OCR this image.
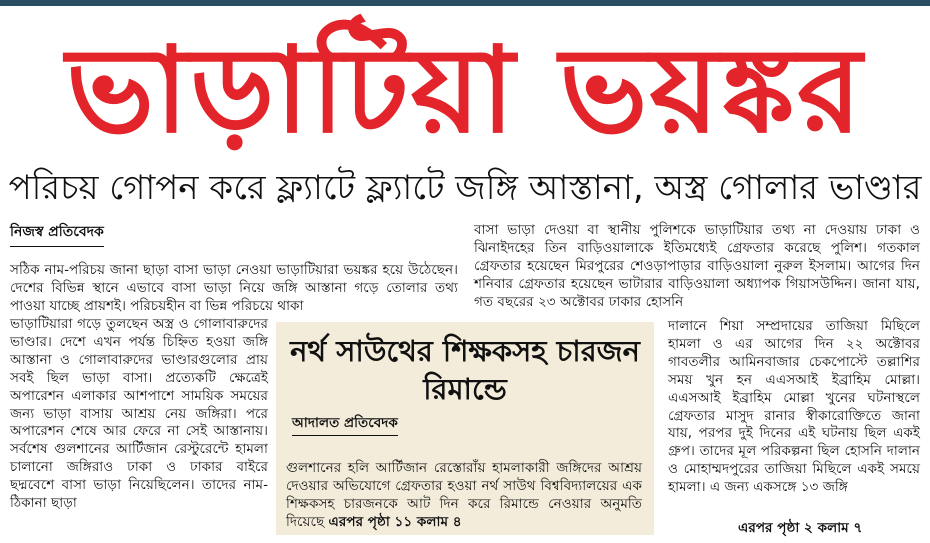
ভাড়াটিয়া ভয়ঙ্কর
পরিচয় গোপন করে ফ্ল্যাটে ফ্ল্যাটে জঙ্গি আস্তানা, অস্ত্র গোলার ভাণ্ডার
নিজস্ব প্রতিবেদক

সঠিক নাম-পরিচয় জানা ছাড়া বাসা ভাড়া নেওয়া ভাড়াটিয়ারা ভয়ঙ্কর হয়ে উঠেছেন। দেশের বিভিন্ন স্থানে এভাবে বাসা ভাড়া নিয়ে জঙ্গি আস্তানা গড়ে তোলার তথ্য পাওয়া যাচ্ছে প্রায়শই। পরিচয়হীন বা ভিন্ন পরিচয়ে থাকা

ভাড়াটিয়ারা গড়ে তুলছেন অস্ত্র ও গোলাবারুদের ভাণ্ডার। দেশে এখন পর্যন্ত চিহ্নিত হওয়া জঙ্গি আস্তানা ও গোলাবারুদের ভাণ্ডারগুলোর প্রায় সবই ছিল ভাড়া বাসা। প্রত্যেকটি ক্ষেত্রেই অপারেশন এলাকার আশপাশে সাময়িক সময়ের জন্য ভাড়া বাসায় আশ্রয় নেয় জঙ্গিরা। পরে অপারেশন শেষে আর ফেরে না সেই আস্তানায়। সর্বশেষ গুলশানের আর্টিজান রেস্টুরেন্টে হামলা চালানো জঙ্গিরাও ঢাকা ও ঢাকার বাইরে ছদ্মবেশে বাসা ভাড়া নিয়েছিলেন। তাদের নাম-ঠিকানা ছাড়া

বাসা ভাড়া দেওয়া বা স্থানীয় পুলিশকে ভাড়াটিয়ার তথ্য না দেওয়ায় ঢাকা ও ঝিনাইদহের তিন বাড়িওয়ালাকে ইতিমধ্যেই গ্রেফতার করেছে পুলিশ। গতকাল গ্রেফতার হয়েছেন মিরপুরের শেওড়াপাড়ার বাড়িওয়ালা নুরুল ইসলাম। আগের দিন শনিবার গ্রেফতার হয়েছেন ভাটারার বাড়িওয়ালা অধ্যাপক গিয়াসউদ্দিন। জানা যায়, গত বছরের ২৩ অক্টোবর ঢাকার হোসনি

দালানে শিয়া সম্প্রদায়ের তাজিয়া মিছিলে হামলা ও এর আগের দিন ২২ অক্টোবর গাবতলীর আমিনবাজার চেকপোস্টে তল্লাশির সময় খুন হন এএসআই ইব্রাহিম মোল্লা। এএসআই ইব্রাহিম মোল্লা খুনের ঘটনাস্থলে গ্রেফতার মাসুদ রানার স্বীকারোক্তিতে জানা যায়, পরপর দুই দিনের এই ঘটনায় ছিল একই গ্রুপ। তাদের মূল পরিকল্পনা ছিল হোসনি দালান ও মোহাম্মদপুরের তাজিয়া মিছিলে একই সময়ে হামলা। এ জন্য একসঙ্গে ১৩ জঙ্গি

এরপর পৃষ্ঠা ২ কলাম ৭
নর্থ সাউথের শিক্ষকসহ চারজন রিমান্ডে
আদালত প্রতিবেদক
গুলশানের হলি আর্টিজান রেস্তোরাঁয় হামলাকারী জঙ্গিদের আশ্রয় দেওয়ার অভিযোগে গ্রেফতার হওয়া নর্থ সাউথ বিশ্ববিদ্যালয়ের এক শিক্ষকসহ চারজনকে আট দিন করে রিমান্ডে নেওয়ার অনুমতি দিয়েছে এরপর পৃষ্ঠা ১১ কলাম ৪
